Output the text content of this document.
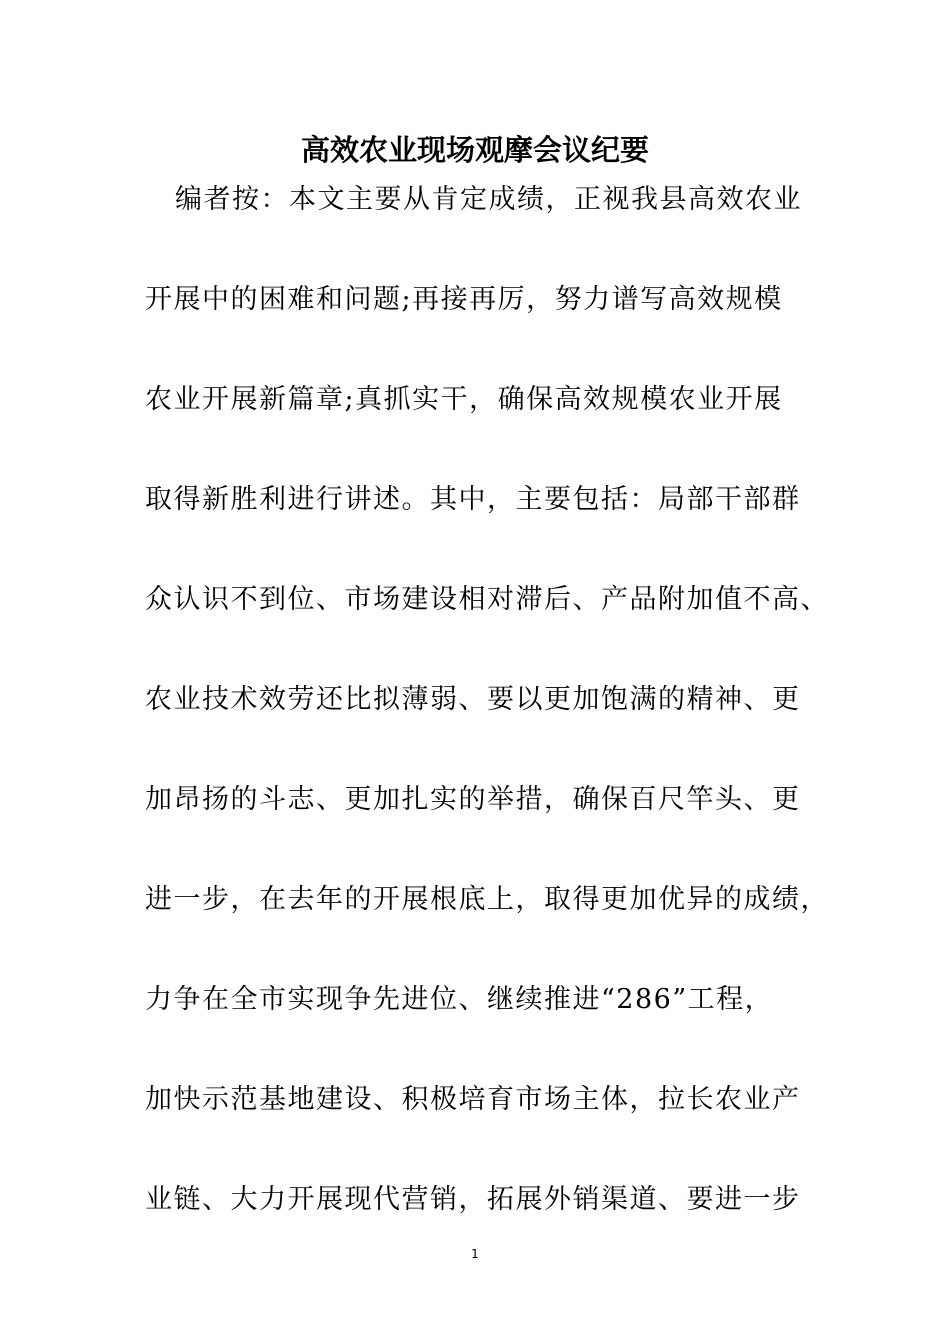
高效农业现场观摩会议纪要
编者按：本文主要从肯定成绩，正视我县高效农业
开展中的困难和问题;再接再厉，努力谱写高效规模
农业开展新篇章;真抓实干，确保高效规模农业开展
取得新胜利进行讲述。其中，主要包括：局部干部群
众认识不到位、市场建设相对滞后、产品附加值不高、
农业技术效劳还比拟薄弱、要以更加饱满的精神、更
加昂扬的斗志、更加扎实的举措，确保百尺竿头、更
进一步，在去年的开展根底上，取得更加优异的成绩，
力争在全市实现争先进位、继续推进“286”工程，
加快示范基地建设、积极培育市场主体，拉长农业产
业链、大力开展现代营销，拓展外销渠道、要进一步
1
